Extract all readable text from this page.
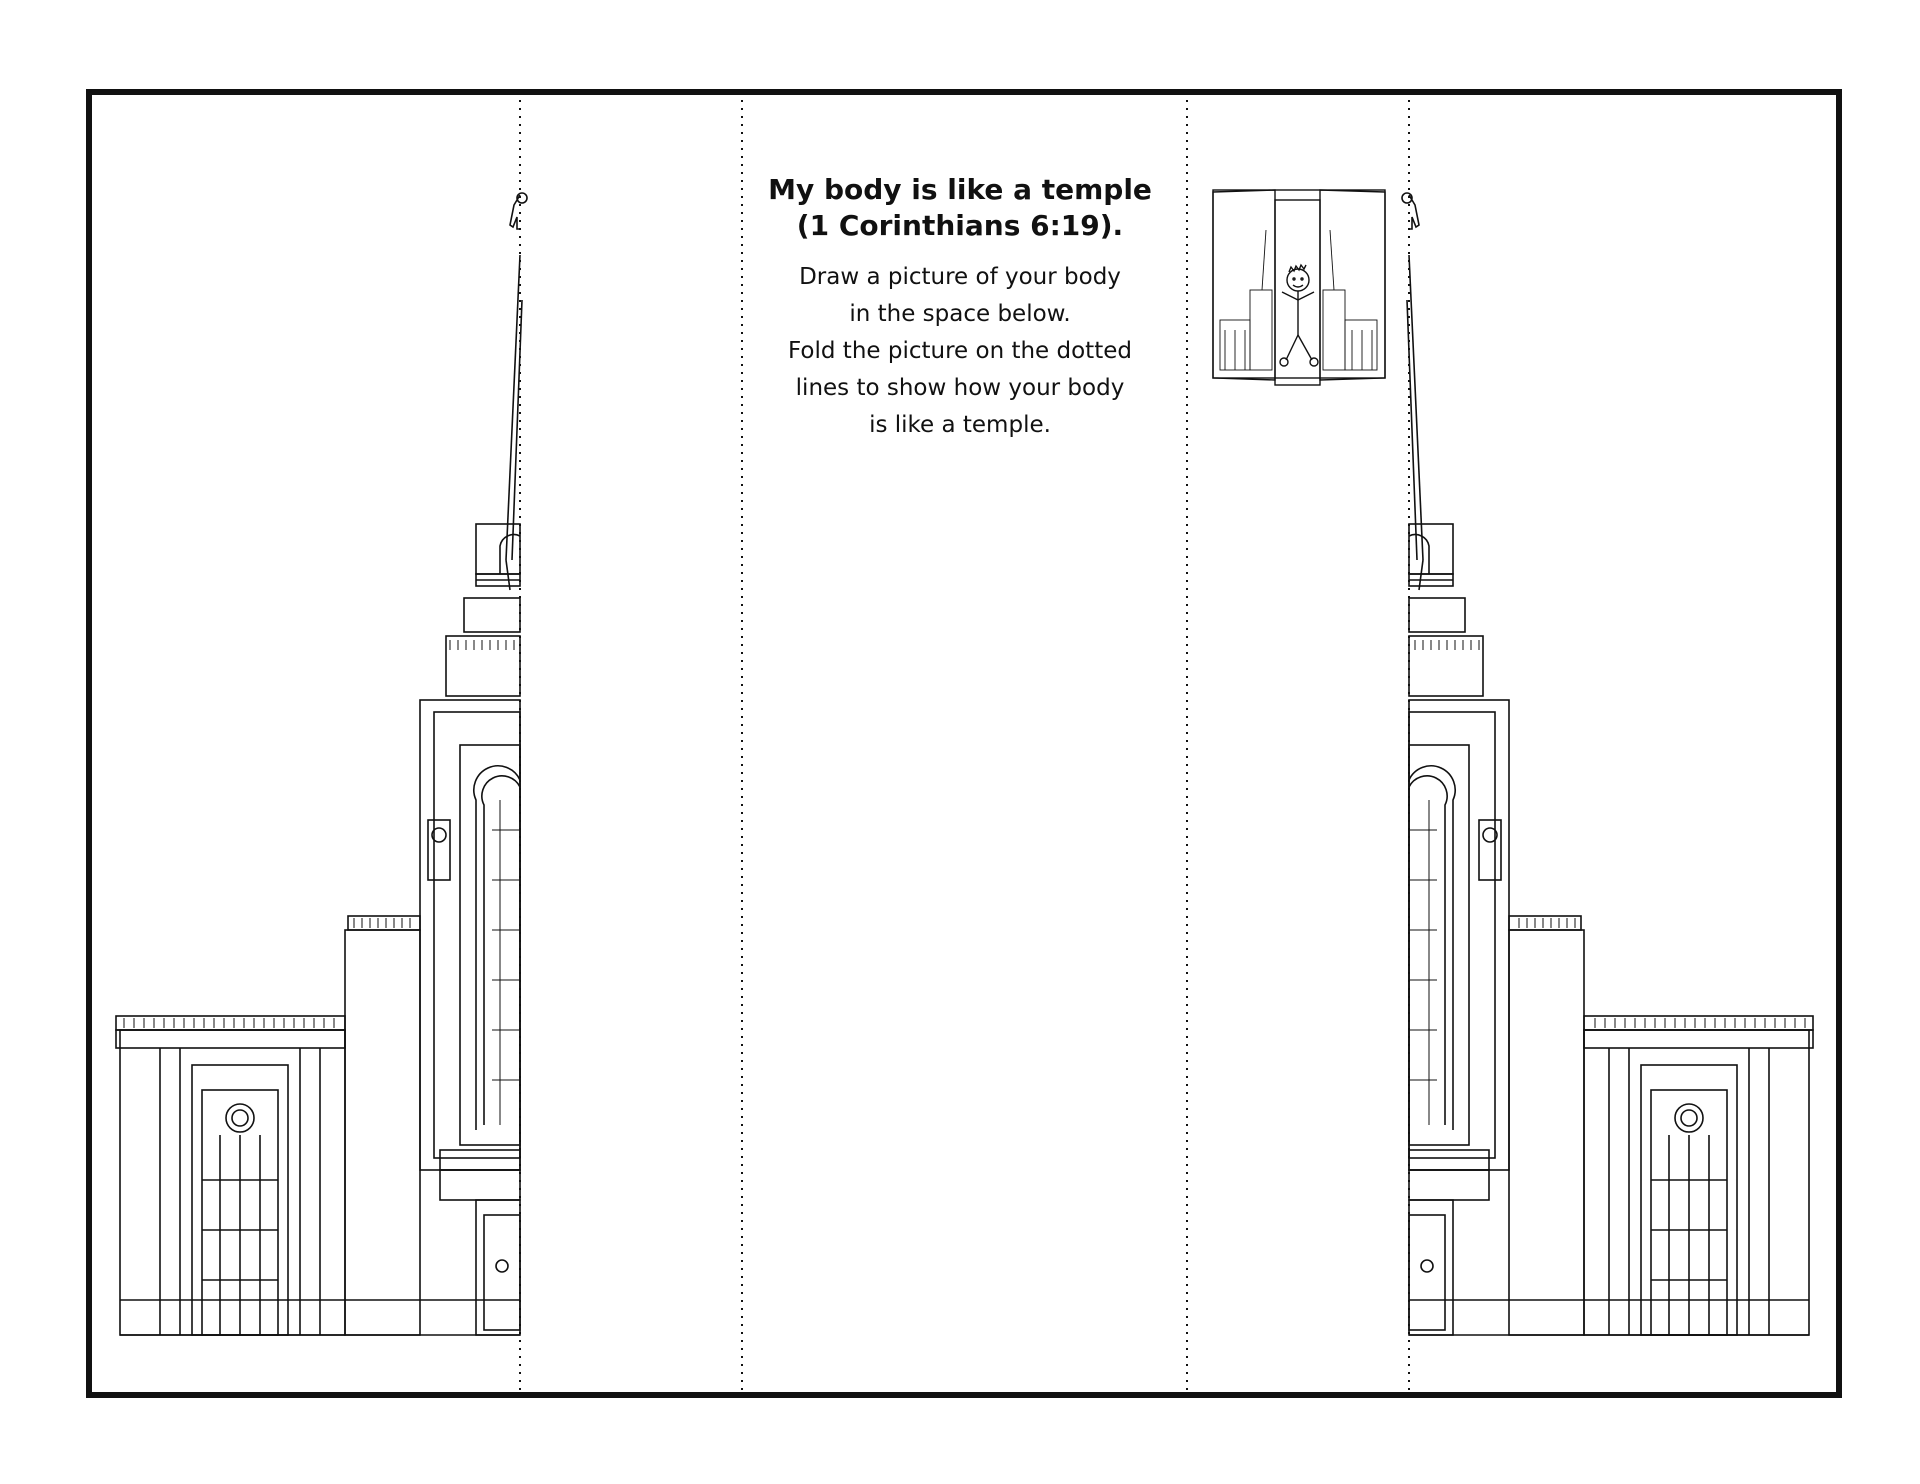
My body is like a temple
(1 Corinthians 6:19).
Draw a picture of your body
in the space below.
Fold the picture on the dotted
lines to show how your body
is like a temple.
